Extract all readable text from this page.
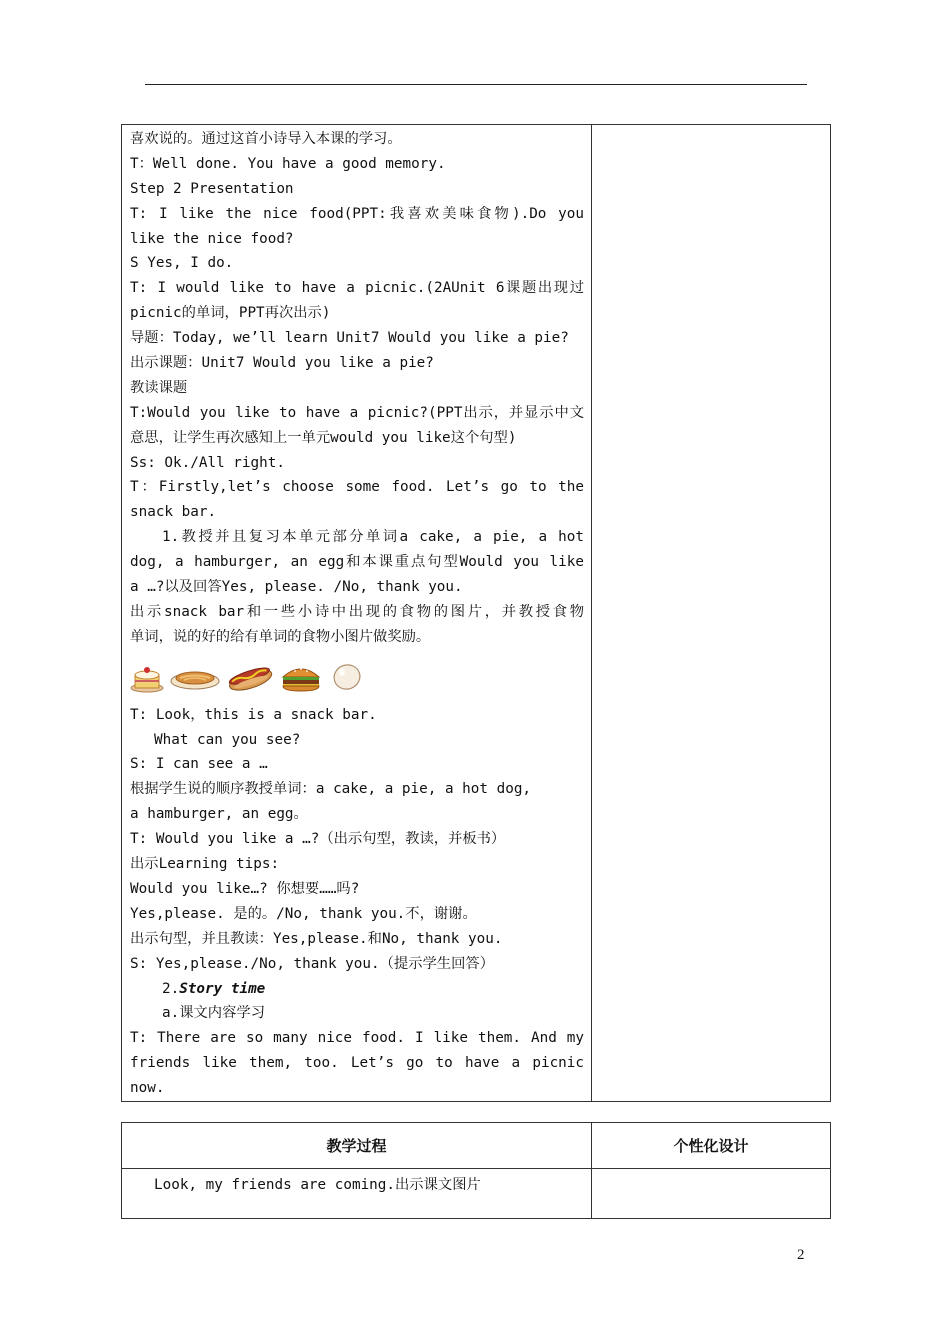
喜欢说的。通过这首小诗导入本课的学习。
T：Well done. You have a good memory.
Step 2 Presentation
T: I like the nice food(PPT:我喜欢美味食物).Do you
like the nice food?
S Yes, I do.
T: I would like to have a picnic.(2AUnit 6课题出现过
picnic的单词，PPT再次出示)
导题：Today, we’ll learn Unit7 Would you like a pie?
出示课题：Unit7 Would you like a pie?
教读课题
T:Would you like to have a picnic?(PPT出示，并显示中文
意思，让学生再次感知上一单元would you like这个句型)
Ss: Ok./All right.
T：Firstly,let’s choose some food. Let’s go to the
snack bar.
1.教授并且复习本单元部分单词a cake, a pie, a hot
dog, a hamburger, an egg和本课重点句型Would you like
a …?以及回答Yes, please. /No, thank you.
出示snack bar和一些小诗中出现的食物的图片，并教授食物
单词，说的好的给有单词的食物小图片做奖励。
T: Look，this is a snack bar.
What can you see?
S: I can see a …
根据学生说的顺序教授单词：a cake, a pie, a hot dog,
a hamburger, an egg。
T: Would you like a …?（出示句型，教读，并板书）
出示Learning tips:
Would you like…? 你想要……吗?
Yes,please. 是的。/No, thank you.不，谢谢。
出示句型，并且教读：Yes,please.和No, thank you.
S: Yes,please./No, thank you.（提示学生回答）
2.Story time
a.课文内容学习
T: There are so many nice food. I like them. And my
friends like them, too. Let’s go to have a picnic
now.

教学过程	个性化设计

Look, my friends are coming.出示课文图片	

2
